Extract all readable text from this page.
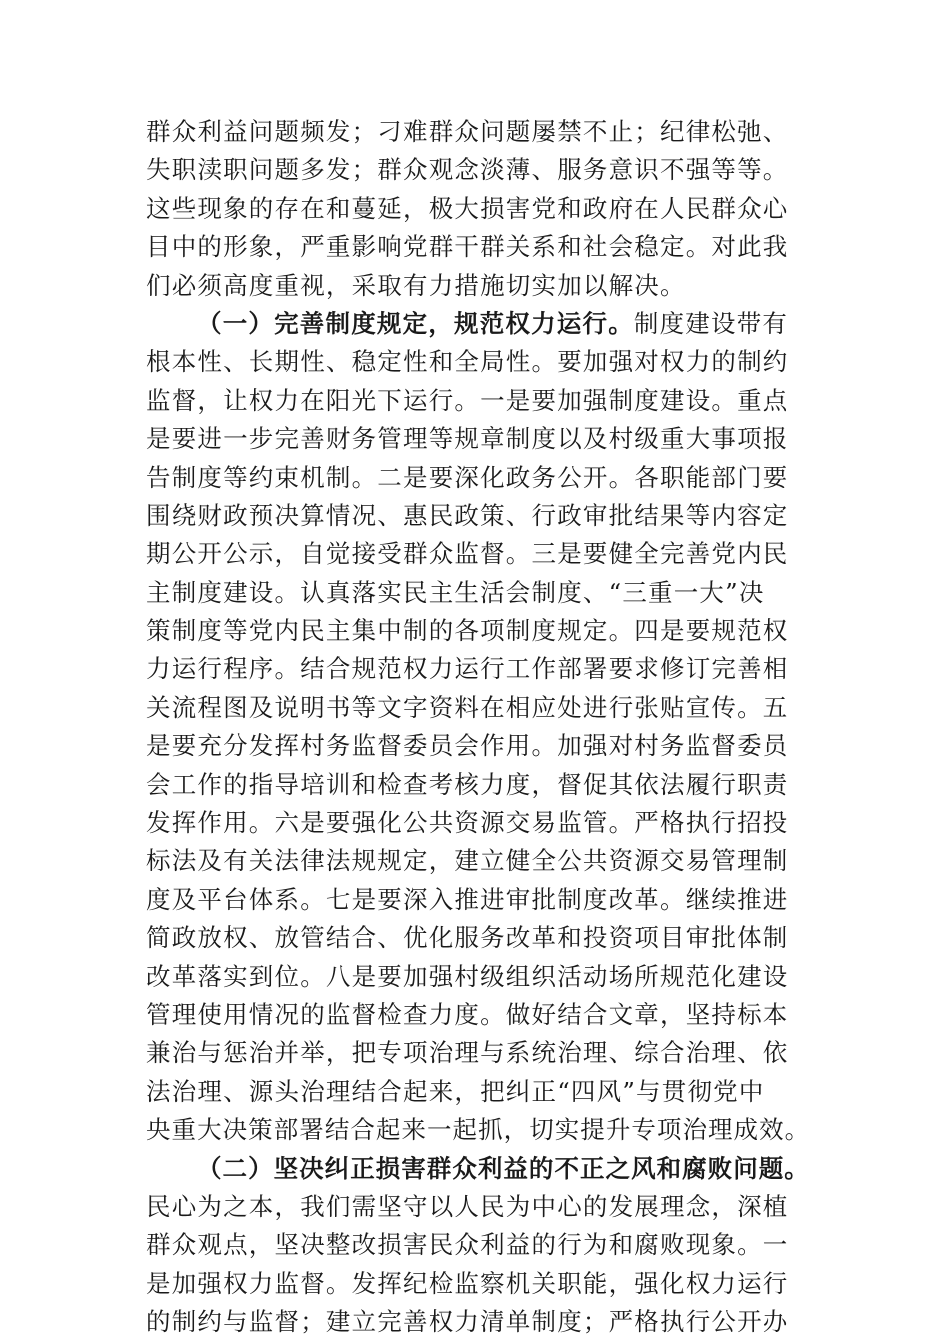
群众利益问题频发；刁难群众问题屡禁不止；纪律松弛、
失职渎职问题多发；群众观念淡薄、服务意识不强等等。
这些现象的存在和蔓延，极大损害党和政府在人民群众心
目中的形象，严重影响党群干群关系和社会稳定。对此我
们必须高度重视，采取有力措施切实加以解决。
（一）完善制度规定，规范权力运行。制度建设带有
根本性、长期性、稳定性和全局性。要加强对权力的制约
监督，让权力在阳光下运行。一是要加强制度建设。重点
是要进一步完善财务管理等规章制度以及村级重大事项报
告制度等约束机制。二是要深化政务公开。各职能部门要
围绕财政预决算情况、惠民政策、行政审批结果等内容定
期公开公示，自觉接受群众监督。三是要健全完善党内民
主制度建设。认真落实民主生活会制度、“三重一大”决
策制度等党内民主集中制的各项制度规定。四是要规范权
力运行程序。结合规范权力运行工作部署要求修订完善相
关流程图及说明书等文字资料在相应处进行张贴宣传。五
是要充分发挥村务监督委员会作用。加强对村务监督委员
会工作的指导培训和检查考核力度，督促其依法履行职责
发挥作用。六是要强化公共资源交易监管。严格执行招投
标法及有关法律法规规定，建立健全公共资源交易管理制
度及平台体系。七是要深入推进审批制度改革。继续推进
简政放权、放管结合、优化服务改革和投资项目审批体制
改革落实到位。八是要加强村级组织活动场所规范化建设
管理使用情况的监督检查力度。做好结合文章，坚持标本
兼治与惩治并举，把专项治理与系统治理、综合治理、依
法治理、源头治理结合起来，把纠正“四风”与贯彻党中
央重大决策部署结合起来一起抓，切实提升专项治理成效。
（二）坚决纠正损害群众利益的不正之风和腐败问题。
民心为之本，我们需坚守以人民为中心的发展理念，深植
群众观点，坚决整改损害民众利益的行为和腐败现象。一
是加强权力监督。发挥纪检监察机关职能，强化权力运行
的制约与监督；建立完善权力清单制度；严格执行公开办
